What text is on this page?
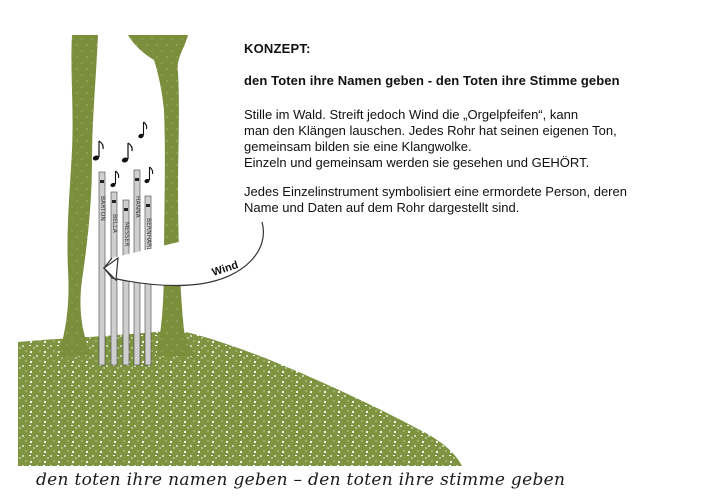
BARTON
BELLA MESSER
HANNA
BERNHARD
Wind
KONZEPT:
den Toten ihre Namen geben - den Toten ihre Stimme geben
Stille im Wald. Streift jedoch Wind die „Orgelpfeifen“, kann
man den Klängen lauschen. Jedes Rohr hat seinen eigenen Ton,
gemeinsam bilden sie eine Klangwolke.
Einzeln und gemeinsam werden sie gesehen und GEHÖRT.
Jedes Einzelinstrument symbolisiert eine ermordete Person, deren
Name und Daten auf dem Rohr dargestellt sind.
den toten ihre namen geben – den toten ihre stimme geben
